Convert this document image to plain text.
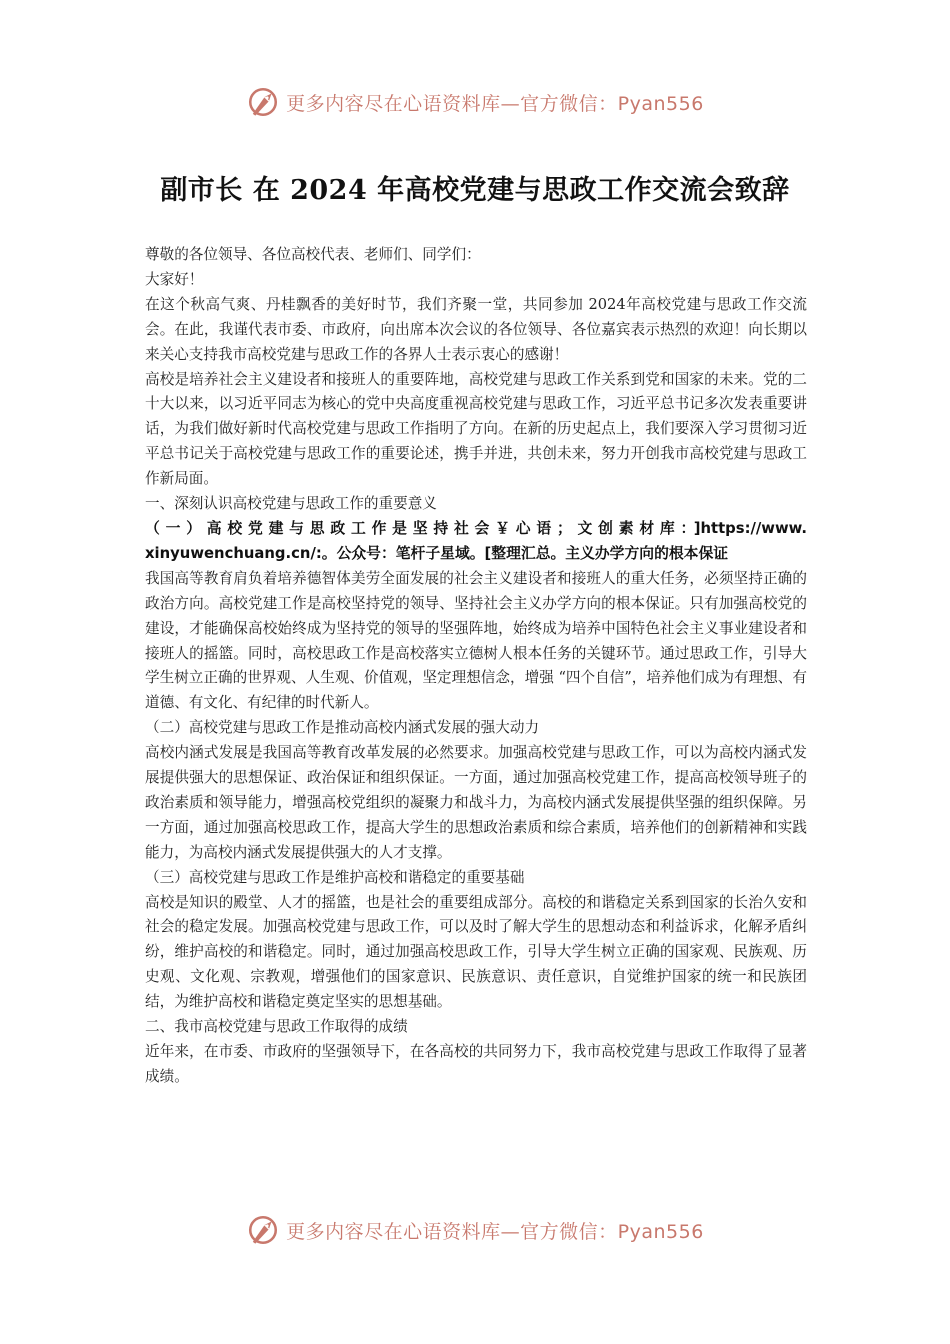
更多内容尽在心语资料库—官方微信：Pyan556
副市长 在 2024 年高校党建与思政工作交流会致辞

尊敬的各位领导、各位高校代表、老师们、同学们：

大家好！

在这个秋高气爽、丹桂飘香的美好时节，我们齐聚一堂，共同参加 2024年高校党建与思政工作交流会。在此，我谨代表市委、市政府，向出席本次会议的各位领导、各位嘉宾表示热烈的欢迎！向长期以来关心支持我市高校党建与思政工作的各界人士表示衷心的感谢！

高校是培养社会主义建设者和接班人的重要阵地，高校党建与思政工作关系到党和国家的未来。党的二十大以来，以习近平同志为核心的党中央高度重视高校党建与思政工作，习近平总书记多次发表重要讲话，为我们做好新时代高校党建与思政工作指明了方向。在新的历史起点上，我们要深入学习贯彻习近平总书记关于高校党建与思政工作的重要论述，携手并进，共创未来，努力开创我市高校党建与思政工作新局面。

一、深刻认识高校党建与思政工作的重要意义

（一）高校党建与思政工作是坚持社会￥心语；文创素材库：]https://www.xinyuwenchuang.cn/:。公众号：笔杆子星域。[整理汇总。主义办学方向的根本保证

我国高等教育肩负着培养德智体美劳全面发展的社会主义建设者和接班人的重大任务，必须坚持正确的政治方向。高校党建工作是高校坚持党的领导、坚持社会主义办学方向的根本保证。只有加强高校党的建设，才能确保高校始终成为坚持党的领导的坚强阵地，始终成为培养中国特色社会主义事业建设者和接班人的摇篮。同时，高校思政工作是高校落实立德树人根本任务的关键环节。通过思政工作，引导大学生树立正确的世界观、人生观、价值观，坚定理想信念，增强 “四个自信”，培养他们成为有理想、有道德、有文化、有纪律的时代新人。

（二）高校党建与思政工作是推动高校内涵式发展的强大动力

高校内涵式发展是我国高等教育改革发展的必然要求。加强高校党建与思政工作，可以为高校内涵式发展提供强大的思想保证、政治保证和组织保证。一方面，通过加强高校党建工作，提高高校领导班子的政治素质和领导能力，增强高校党组织的凝聚力和战斗力，为高校内涵式发展提供坚强的组织保障。另一方面，通过加强高校思政工作，提高大学生的思想政治素质和综合素质，培养他们的创新精神和实践能力，为高校内涵式发展提供强大的人才支撑。

（三）高校党建与思政工作是维护高校和谐稳定的重要基础

高校是知识的殿堂、人才的摇篮，也是社会的重要组成部分。高校的和谐稳定关系到国家的长治久安和社会的稳定发展。加强高校党建与思政工作，可以及时了解大学生的思想动态和利益诉求，化解矛盾纠纷，维护高校的和谐稳定。同时，通过加强高校思政工作，引导大学生树立正确的国家观、民族观、历史观、文化观、宗教观，增强他们的国家意识、民族意识、责任意识，自觉维护国家的统一和民族团结，为维护高校和谐稳定奠定坚实的思想基础。

二、我市高校党建与思政工作取得的成绩

近年来，在市委、市政府的坚强领导下，在各高校的共同努力下，我市高校党建与思政工作取得了显著成绩。

更多内容尽在心语资料库—官方微信：Pyan556
